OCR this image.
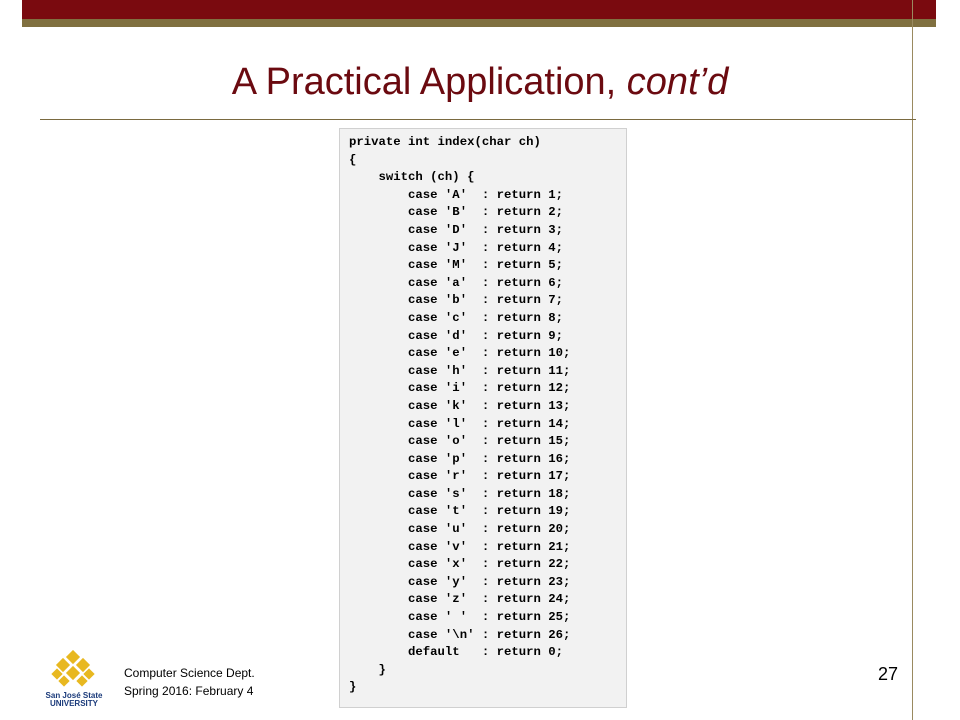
A Practical Application, cont’d
private int index(char ch)
{
switch (ch) {
case 'A'  : return 1;
case 'B'  : return 2;
case 'D'  : return 3;
case 'J'  : return 4;
case 'M'  : return 5;
case 'a'  : return 6;
case 'b'  : return 7;
case 'c'  : return 8;
case 'd'  : return 9;
case 'e'  : return 10;
case 'h'  : return 11;
case 'i'  : return 12;
case 'k'  : return 13;
case 'l'  : return 14;
case 'o'  : return 15;
case 'p'  : return 16;
case 'r'  : return 17;
case 's'  : return 18;
case 't'  : return 19;
case 'u'  : return 20;
case 'v'  : return 21;
case 'x'  : return 22;
case 'y'  : return 23;
case 'z'  : return 24;
case ' '  : return 25;
case '\n' : return 26;
default   : return 0;
}
}
San José State
UNIVERSITY
Computer Science Dept.
Spring 2016: February 4
27
